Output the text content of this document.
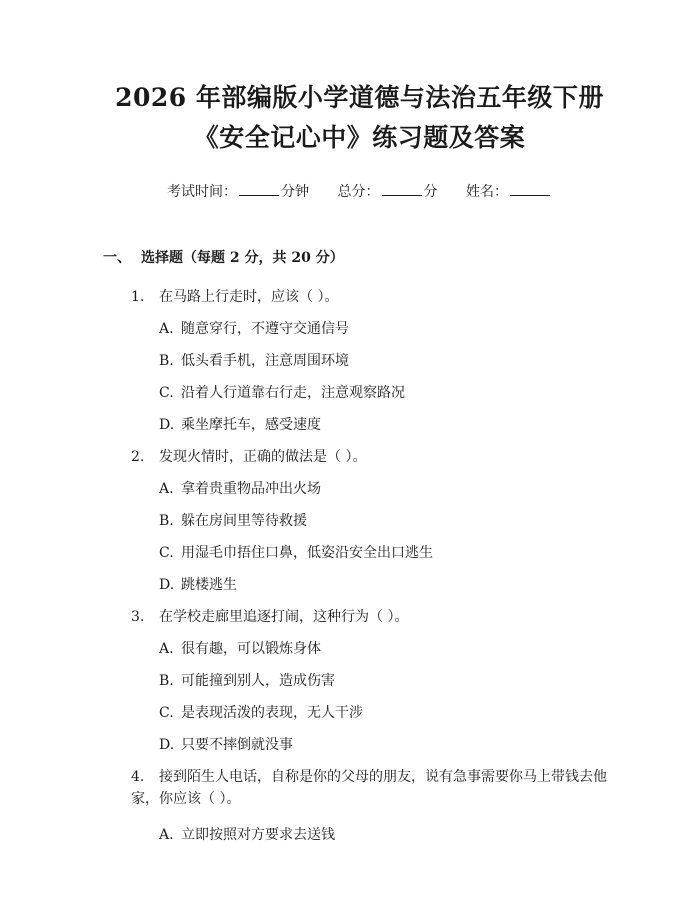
2026 年部编版小学道德与法治五年级下册
《安全记心中》练习题及答案
考试时间：	分钟 总分：	分 姓名：
一、 选择题（每题 2 分，共 20 分）
1. 在马路上行走时，应该（ ）。
A. 随意穿行，不遵守交通信号
B. 低头看手机，注意周围环境
C. 沿着人行道靠右行走，注意观察路况
D. 乘坐摩托车，感受速度
2. 发现火情时，正确的做法是（ ）。
A. 拿着贵重物品冲出火场
B. 躲在房间里等待救援
C. 用湿毛巾捂住口鼻，低姿沿安全出口逃生
D. 跳楼逃生
3. 在学校走廊里追逐打闹，这种行为（ ）。
A. 很有趣，可以锻炼身体
B. 可能撞到别人，造成伤害
C. 是表现活泼的表现，无人干涉
D. 只要不摔倒就没事
4. 接到陌生人电话，自称是你的父母的朋友，说有急事需要你马上带钱去他
家，你应该（ ）。
A. 立即按照对方要求去送钱
